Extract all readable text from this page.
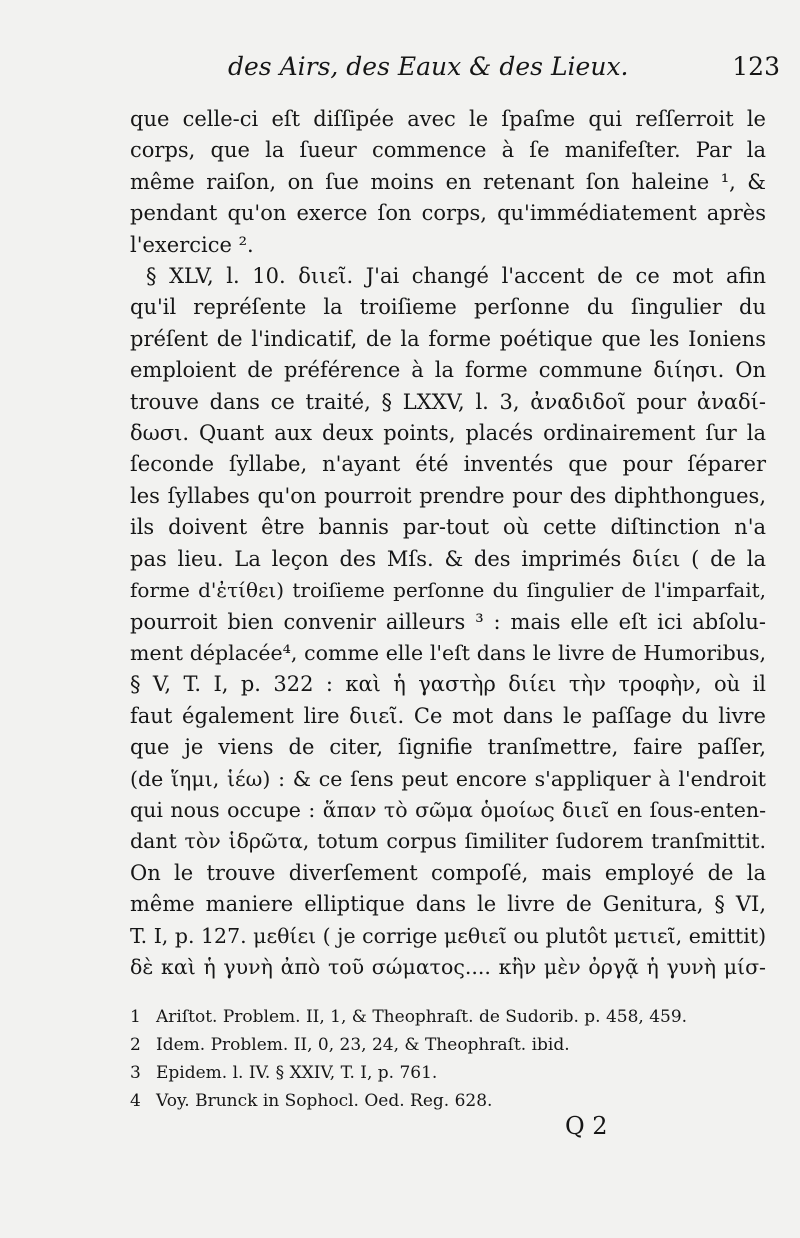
des Airs, des Eaux & des Lieux.	123
que celle-ci eſt diſſipée avec le ſpaſme qui reſſerroit le
corps, que la ſueur commence à ſe manifeſter. Par la
même raiſon, on ſue moins en retenant ſon haleine ¹, &
pendant qu'on exerce ſon corps, qu'immédiatement après
l'exercice ².
§ XLV, l. 10. διιεῖ. J'ai changé l'accent de ce mot afin
qu'il repréſente la troiſieme perſonne du ſingulier du
préſent de l'indicatif, de la forme poétique que les Ioniens
emploient de préférence à la forme commune διίησι. On
trouve dans ce traité, § LXXV, l. 3, ἀναδιδοῖ pour ἀναδί-
δωσι. Quant aux deux points, placés ordinairement ſur la
ſeconde ſyllabe, n'ayant été inventés que pour ſéparer
les ſyllabes qu'on pourroit prendre pour des diphthongues,
ils doivent être bannis par-tout où cette diſtinction n'a
pas lieu. La leçon des Mſs. & des imprimés διίει ( de la
forme d'ἐτίθει) troiſieme perſonne du ſingulier de l'imparfait,
pourroit bien convenir ailleurs ³ : mais elle eſt ici abſolu-
ment déplacée⁴, comme elle l'eſt dans le livre de Humoribus,
§ V, T. I, p. 322 : καὶ ἡ γαστὴρ διίει τὴν τροφὴν, où il
faut également lire διιεῖ. Ce mot dans le paſſage du livre
que je viens de citer, ſignifie tranſmettre, faire paſſer,
(de ἵημι, ἱέω) : & ce ſens peut encore s'appliquer à l'endroit
qui nous occupe : ἅπαν τὸ σῶμα ὁμοίως διιεῖ en ſous-enten-
dant τὸν ἱδρῶτα, totum corpus ſimiliter ſudorem tranſmittit.
On le trouve diverſement compoſé, mais employé de la
même maniere elliptique dans le livre de Genitura, § VI,
T. I, p. 127. μεθίει ( je corrige μεθιεῖ ou plutôt μετιεῖ, emittit)
δὲ καὶ ἡ γυνὴ ἀπὸ τοῦ σώματος.... κἢν μὲν ὀργᾷ ἡ γυνὴ μίσ-
1 Ariſtot. Problem. II, 1, & Theophraſt. de Sudorib. p. 458, 459.
2 Idem. Problem. II, 0, 23, 24, & Theophraſt. ibid.
3 Epidem. l. IV. § XXIV, T. I, p. 761.
4 Voy. Brunck in Sophocl. Oed. Reg. 628.
Q 2
